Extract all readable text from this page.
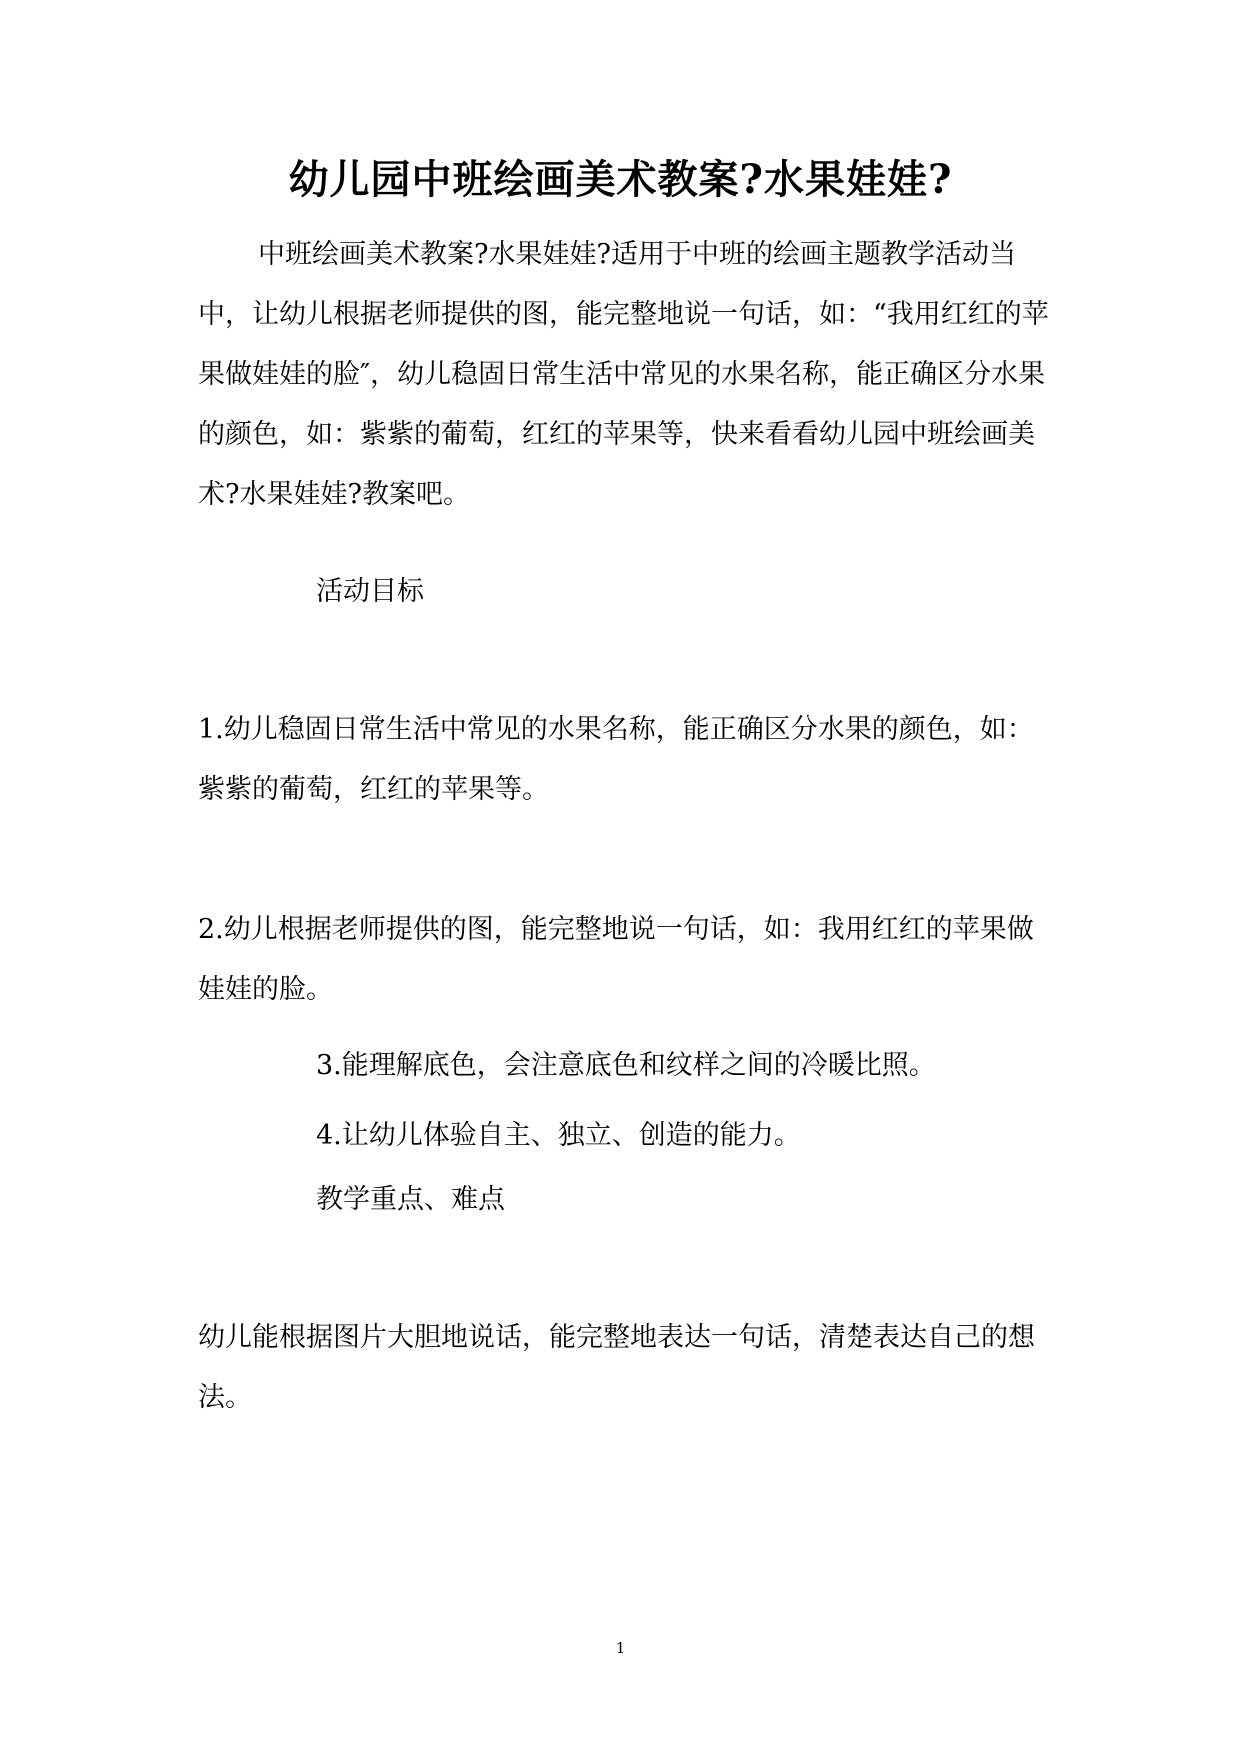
幼儿园中班绘画美术教案?水果娃娃?

中班绘画美术教案?水果娃娃?适用于中班的绘画主题教学活动当中，让幼儿根据老师提供的图，能完整地说一句话，如：“我用红红的苹果做娃娃的脸″，幼儿稳固日常生活中常见的水果名称，能正确区分水果的颜色，如：紫紫的葡萄，红红的苹果等，快来看看幼儿园中班绘画美术?水果娃娃?教案吧。

活动目标

1.幼儿稳固日常生活中常见的水果名称，能正确区分水果的颜色，如：紫紫的葡萄，红红的苹果等。

2.幼儿根据老师提供的图，能完整地说一句话，如：我用红红的苹果做娃娃的脸。

3.能理解底色，会注意底色和纹样之间的冷暖比照。

4.让幼儿体验自主、独立、创造的能力。

教学重点、难点

幼儿能根据图片大胆地说话，能完整地表达一句话，清楚表达自己的想法。

1
